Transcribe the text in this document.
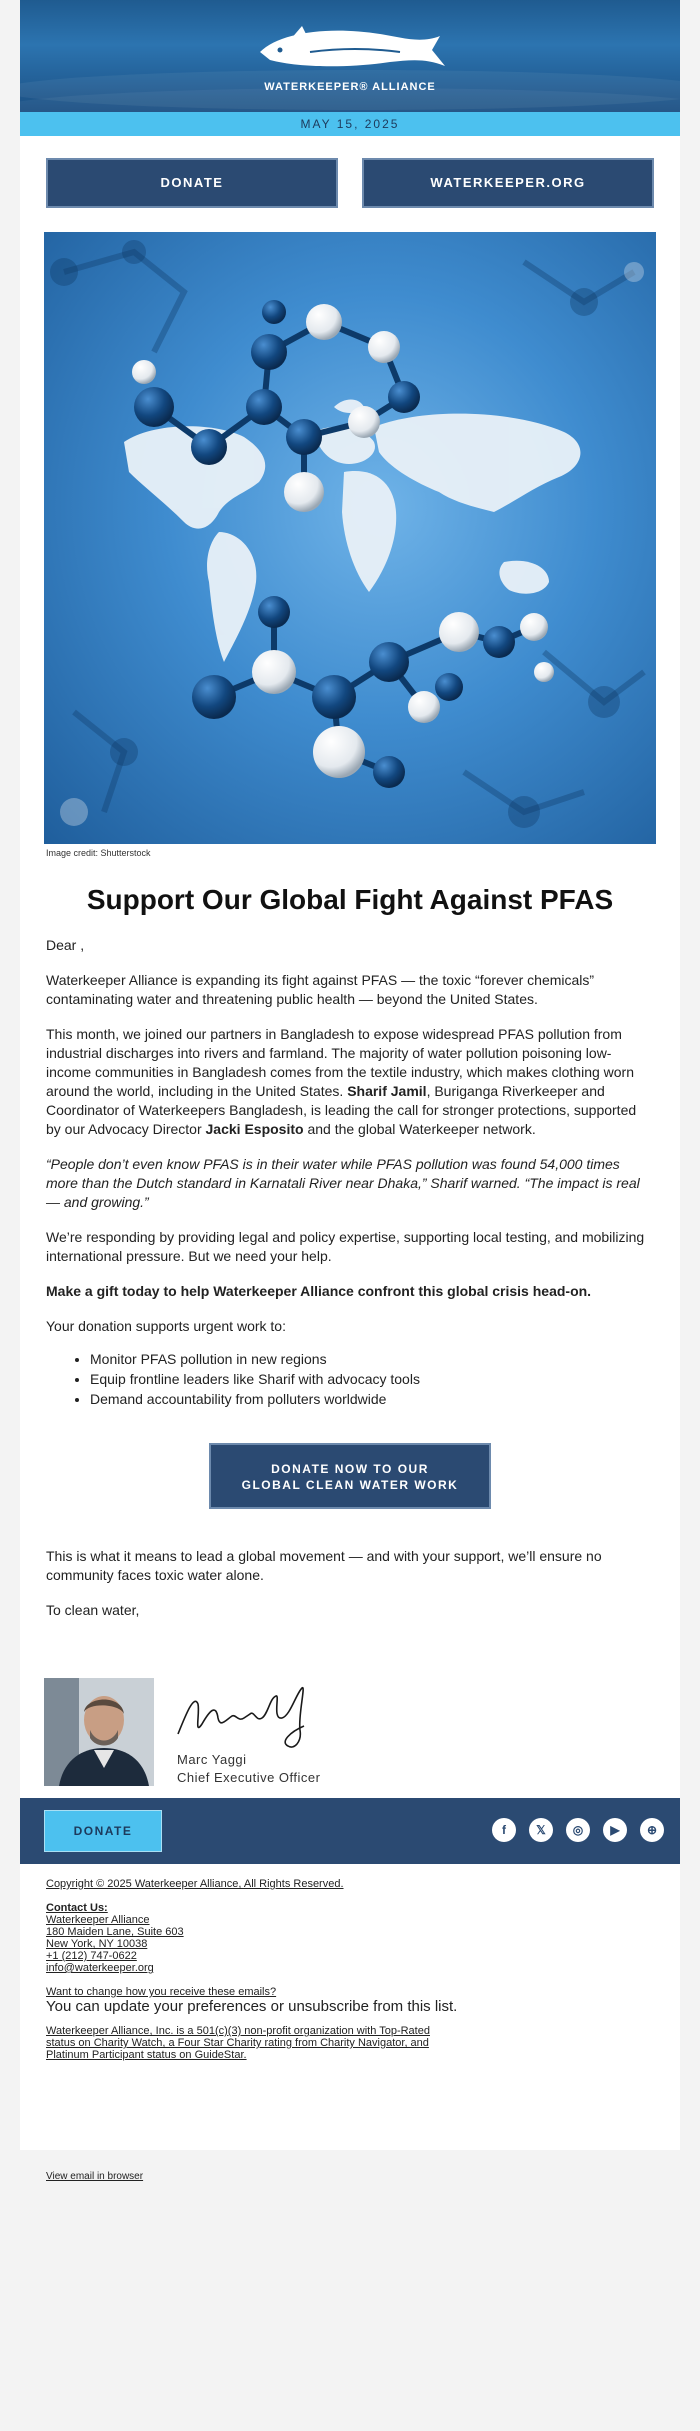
WATERKEEPER® ALLIANCE
MAY 15, 2025
DONATE	WATERKEEPER.ORG
Image credit: Shutterstock
Support Our Global Fight Against PFAS

Dear ,

Waterkeeper Alliance is expanding its fight against PFAS — the toxic “forever chemicals” contaminating water and threatening public health — beyond the United States.

This month, we joined our partners in Bangladesh to expose widespread PFAS pollution from industrial discharges into rivers and farmland. The majority of water pollution poisoning low-income communities in Bangladesh comes from the textile industry, which makes clothing worn around the world, including in the United States. Sharif Jamil, Buriganga Riverkeeper and Coordinator of Waterkeepers Bangladesh, is leading the call for stronger protections, supported by our Advocacy Director Jacki Esposito and the global Waterkeeper network.

“People don’t even know PFAS is in their water while PFAS pollution was found 54,000 times more than the Dutch standard in Karnatali River near Dhaka,” Sharif warned. “The impact is real — and growing.”

We’re responding by providing legal and policy expertise, supporting local testing, and mobilizing international pressure. But we need your help.

Make a gift today to help Waterkeeper Alliance confront this global crisis head-on.

Your donation supports urgent work to:

• Monitor PFAS pollution in new regions
• Equip frontline leaders like Sharif with advocacy tools
• Demand accountability from polluters worldwide
DONATE NOW TO OUR
GLOBAL CLEAN WATER WORK

This is what it means to lead a global movement — and with your support, we’ll ensure no community faces toxic water alone.

To clean water,

Marc Yaggi
Chief Executive Officer
DONATE	f	𝕏	◎	▶	⊕
Copyright © 2025 Waterkeeper Alliance, All Rights Reserved.
Contact Us:
Waterkeeper Alliance
180 Maiden Lane, Suite 603
New York, NY 10038
+1 (212) 747-0622
info@waterkeeper.org
Want to change how you receive these emails?
You can update your preferences or unsubscribe from this list.
Waterkeeper Alliance, Inc. is a 501(c)(3) non-profit organization with Top-Rated status on Charity Watch, a Four Star Charity rating from Charity Navigator, and Platinum Participant status on GuideStar.
View email in browser
